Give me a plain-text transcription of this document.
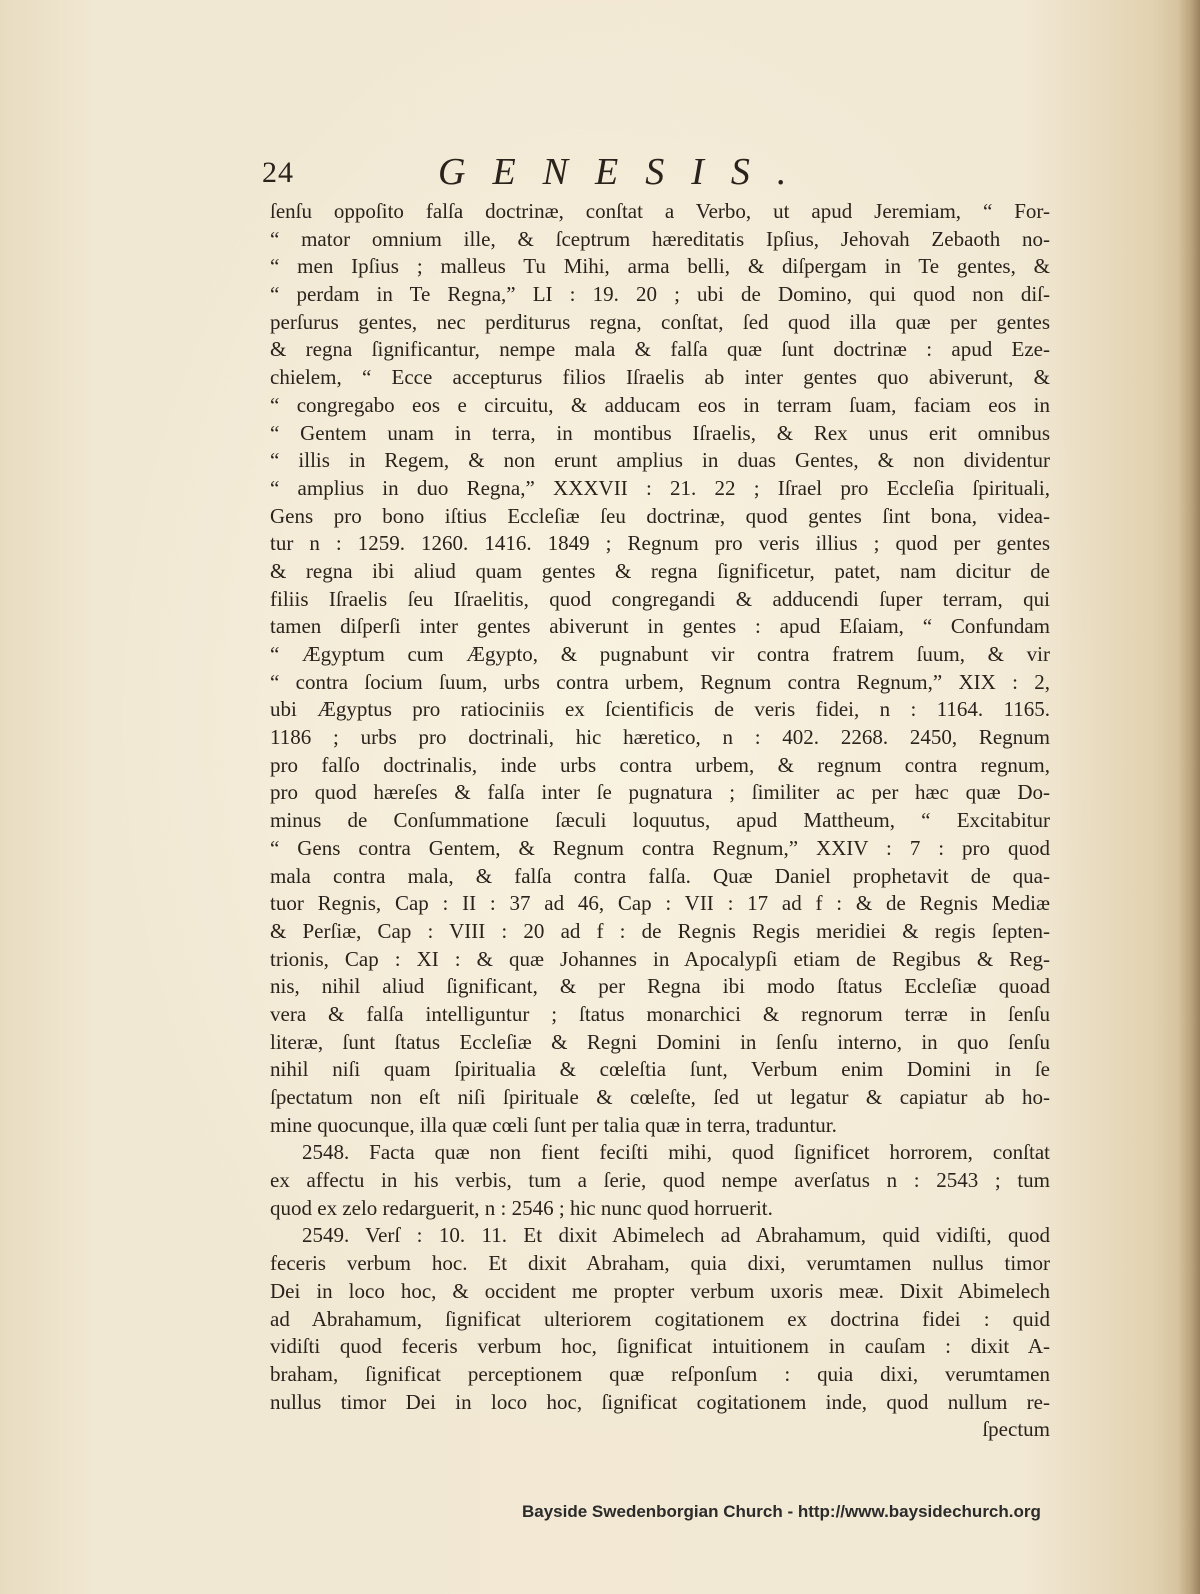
24	GENESIS.
ſenſu oppoſito falſa doctrinæ, conſtat a Verbo, ut apud Jeremiam, “ For-
“ mator omnium ille, & ſceptrum hæreditatis Ipſius, Jehovah Zebaoth no-
“ men Ipſius ; malleus Tu Mihi, arma belli, & diſpergam in Te gentes, &
“ perdam in Te Regna,” LI : 19. 20 ; ubi de Domino, qui quod non diſ-
perſurus gentes, nec perditurus regna, conſtat, ſed quod illa quæ per gentes
& regna ſignificantur, nempe mala & falſa quæ ſunt doctrinæ : apud Eze-
chielem, “ Ecce accepturus filios Iſraelis ab inter gentes quo abiverunt, &
“ congregabo eos e circuitu, & adducam eos in terram ſuam, faciam eos in
“ Gentem unam in terra, in montibus Iſraelis, & Rex unus erit omnibus
“ illis in Regem, & non erunt amplius in duas Gentes, & non dividentur
“ amplius in duo Regna,” XXXVII : 21. 22 ; Iſrael pro Eccleſia ſpirituali,
Gens pro bono iſtius Eccleſiæ ſeu doctrinæ, quod gentes ſint bona, videa-
tur n : 1259. 1260. 1416. 1849 ; Regnum pro veris illius ; quod per gentes
& regna ibi aliud quam gentes & regna ſignificetur, patet, nam dicitur de
filiis Iſraelis ſeu Iſraelitis, quod congregandi & adducendi ſuper terram, qui
tamen diſperſi inter gentes abiverunt in gentes : apud Eſaiam, “ Confundam
“ Ægyptum cum Ægypto, & pugnabunt vir contra fratrem ſuum, & vir
“ contra ſocium ſuum, urbs contra urbem, Regnum contra Regnum,” XIX : 2,
ubi Ægyptus pro ratiociniis ex ſcientificis de veris fidei, n : 1164. 1165.
1186 ; urbs pro doctrinali, hic hæretico, n : 402. 2268. 2450, Regnum
pro falſo doctrinalis, inde urbs contra urbem, & regnum contra regnum,
pro quod hæreſes & falſa inter ſe pugnatura ; ſimiliter ac per hæc quæ Do-
minus de Conſummatione ſæculi loquutus, apud Mattheum, “ Excitabitur
“ Gens contra Gentem, & Regnum contra Regnum,” XXIV : 7 : pro quod
mala contra mala, & falſa contra falſa. Quæ Daniel prophetavit de qua-
tuor Regnis, Cap : II : 37 ad 46, Cap : VII : 17 ad f : & de Regnis Mediæ
& Perſiæ, Cap : VIII : 20 ad f : de Regnis Regis meridiei & regis ſepten-
trionis, Cap : XI : & quæ Johannes in Apocalypſi etiam de Regibus & Reg-
nis, nihil aliud ſignificant, & per Regna ibi modo ſtatus Eccleſiæ quoad
vera & falſa intelliguntur ; ſtatus monarchici & regnorum terræ in ſenſu
literæ, ſunt ſtatus Eccleſiæ & Regni Domini in ſenſu interno, in quo ſenſu
nihil niſi quam ſpiritualia & cœleſtia ſunt, Verbum enim Domini in ſe
ſpectatum non eſt niſi ſpirituale & cœleſte, ſed ut legatur & capiatur ab ho-
mine quocunque, illa quæ cœli ſunt per talia quæ in terra, traduntur.
2548. Facta quæ non fient feciſti mihi, quod ſignificet horrorem, conſtat
ex affectu in his verbis, tum a ſerie, quod nempe averſatus n : 2543 ; tum
quod ex zelo redarguerit, n : 2546 ; hic nunc quod horruerit.
2549. Verſ : 10. 11. Et dixit Abimelech ad Abrahamum, quid vidiſti, quod
feceris verbum hoc. Et dixit Abraham, quia dixi, verumtamen nullus timor
Dei in loco hoc, & occident me propter verbum uxoris meæ. Dixit Abimelech
ad Abrahamum, ſignificat ulteriorem cogitationem ex doctrina fidei : quid
vidiſti quod feceris verbum hoc, ſignificat intuitionem in cauſam : dixit A-
braham, ſignificat perceptionem quæ reſponſum : quia dixi, verumtamen
nullus timor Dei in loco hoc, ſignificat cogitationem inde, quod nullum re-
ſpectum
Bayside Swedenborgian Church - http://www.baysidechurch.org
